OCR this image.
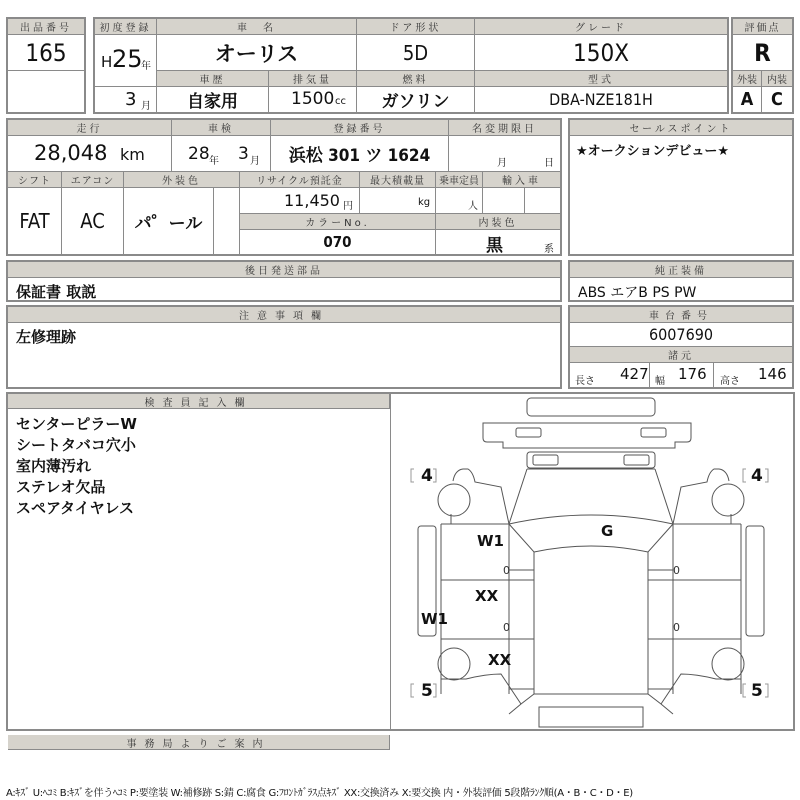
出品番号
165
初度登録
H 25
年
3 月
車　名
オーリス
ドア形状
5D
グレード
150X
車歴
自家用
排気量
1500 cc
燃料
ガソリン
型式
DBA-NZE181H
評価点
R
外装	内装
A C
走行
28,048 km
車検
28 年 3 月
登録番号
浜松 301 ツ 1624
名変期限日
月	日
シフト
FAT
エアコン
AC
外装色
パ゜ール
リサイクル預託金
11,450 円
最大積載量
kg
乗車定員
人
輸入車
カラーNo.
070
内装色
黒	系
セールスポイント
★オークションデビュー★
後日発送部品
保証書 取説
純正装備
ABS エアB PS PW
注意事項欄
左修理跡
車台番号
6007690
諸元
長さ 427 幅 176 高さ 146
検査員記入欄
センターピラーW
シートタバコ穴小
室内薄汚れ
ステレオ欠品
スペアタイヤレス
事務局よりご案内
W1
G
XX
W1
XX
4	4
5	5
0	0
0	0
A:ｷｽﾞ U:ﾍｺﾐ B:ｷｽﾞを伴うﾍｺﾐ P:要塗装 W:補修跡 S:錆 C:腐食 G:ﾌﾛﾝﾄｶﾞﾗｽ点ｷｽﾞ XX:交換済み X:要交換 内・外装評価 5段階ﾗﾝｸ順(A・B・C・D・E)
